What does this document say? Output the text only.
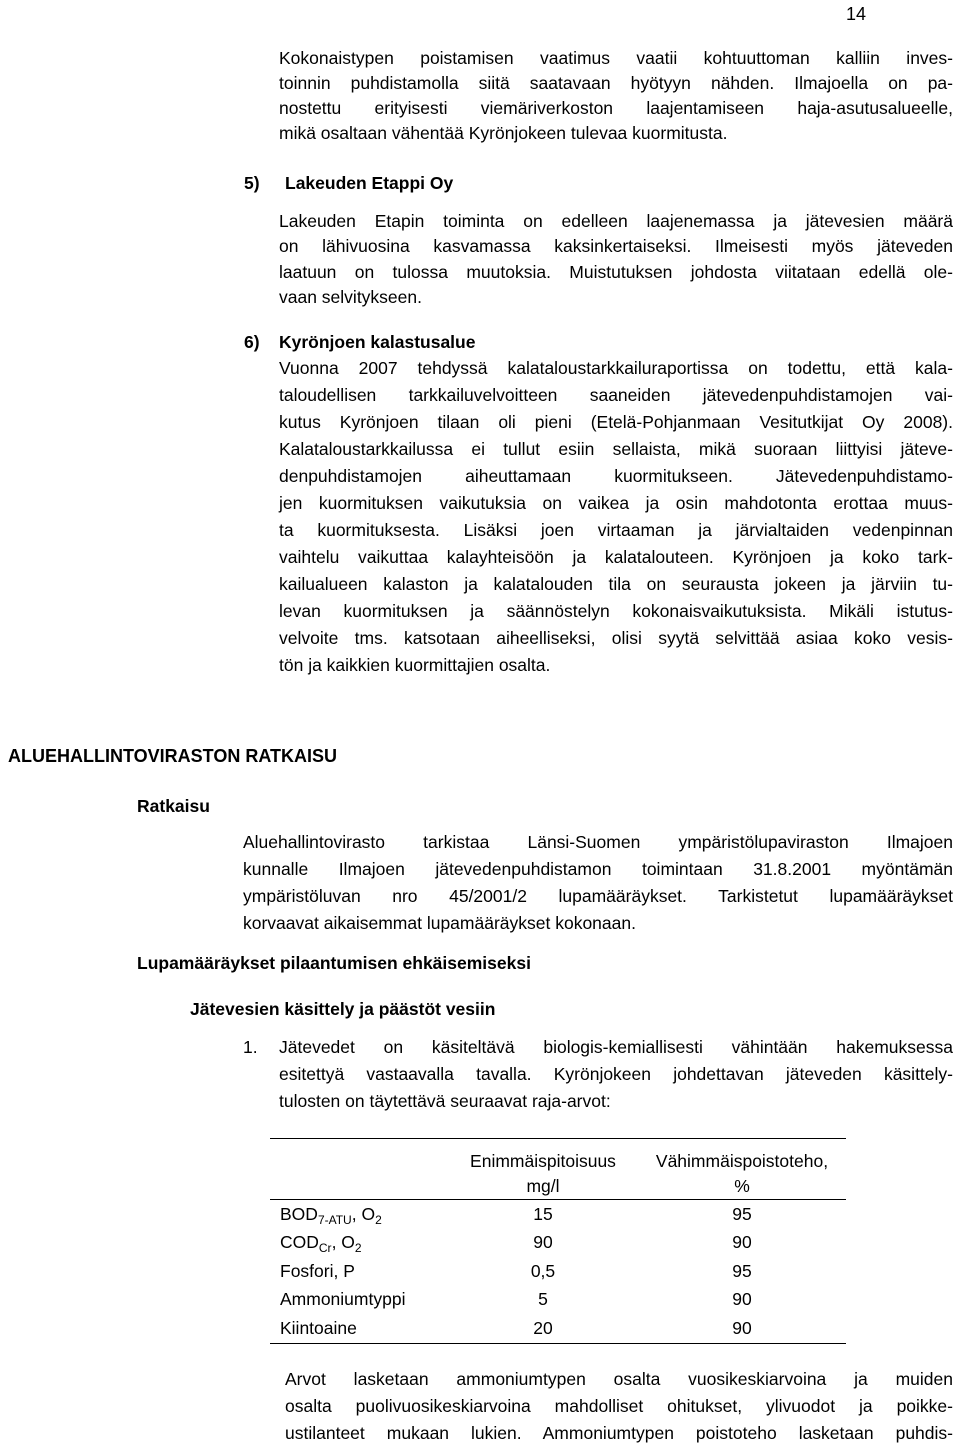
14
Kokonaistypen poistamisen vaatimus vaatii kohtuuttoman kalliin inves-
toinnin puhdistamolla siitä saatavaan hyötyyn nähden. Ilmajoella on pa-
nostettu erityisesti viemäriverkoston laajentamiseen haja-asutusalueelle,
mikä osaltaan vähentää Kyrönjokeen tulevaa kuormitusta.
5) Lakeuden Etappi Oy
Lakeuden Etapin toiminta on edelleen laajenemassa ja jätevesien määrä
on lähivuosina kasvamassa kaksinkertaiseksi. Ilmeisesti myös jäteveden
laatuun on tulossa muutoksia. Muistutuksen johdosta viitataan edellä ole-
vaan selvitykseen.
6) Kyrönjoen kalastusalue
Vuonna 2007 tehdyssä kalataloustarkkailuraportissa on todettu, että kala-
taloudellisen tarkkailuvelvoitteen saaneiden jätevedenpuhdistamojen vai-
kutus Kyrönjoen tilaan oli pieni (Etelä-Pohjanmaan Vesitutkijat Oy 2008).
Kalataloustarkkailussa ei tullut esiin sellaista, mikä suoraan liittyisi jäteve-
denpuhdistamojen aiheuttamaan kuormitukseen. Jätevedenpuhdistamo-
jen kuormituksen vaikutuksia on vaikea ja osin mahdotonta erottaa muus-
ta kuormituksesta. Lisäksi joen virtaaman ja järvialtaiden vedenpinnan
vaihtelu vaikuttaa kalayhteisöön ja kalatalouteen. Kyrönjoen ja koko tark-
kailualueen kalaston ja kalatalouden tila on seurausta jokeen ja järviin tu-
levan kuormituksen ja säännöstelyn kokonaisvaikutuksista. Mikäli istutus-
velvoite tms. katsotaan aiheelliseksi, olisi syytä selvittää asiaa koko vesis-
tön ja kaikkien kuormittajien osalta.
ALUEHALLINTOVIRASTON RATKAISU
Ratkaisu
Aluehallintovirasto tarkistaa Länsi-Suomen ympäristölupaviraston Ilmajoen
kunnalle Ilmajoen jätevedenpuhdistamon toimintaan 31.8.2001 myöntämän
ympäristöluvan nro 45/2001/2 lupamääräykset. Tarkistetut lupamääräykset
korvaavat aikaisemmat lupamääräykset kokonaan.
Lupamääräykset pilaantumisen ehkäisemiseksi
Jätevesien käsittely ja päästöt vesiin
1. Jätevedet on käsiteltävä biologis-kemiallisesti vähintään hakemuksessa
esitettyä vastaavalla tavalla. Kyrönjokeen johdettavan jäteveden käsittely-
tulosten on täytettävä seuraavat raja-arvot:
	Enimmäispitoisuus
mg/l	Vähimmäispoistoteho,
%
$BOD_{7-ATU}$, $O_2$	15	95
$COD_{Cr}$, $O_2$	90	90
Fosfori, P	0,5	95
Ammoniumtyppi	5	90
Kiintoaine	20	90
Arvot lasketaan ammoniumtypen osalta vuosikeskiarvoina ja muiden
osalta puolivuosikeskiarvoina mahdolliset ohitukset, ylivuodot ja poikke-
ustilanteet mukaan lukien. Ammoniumtypen poistoteho lasketaan puhdis-
